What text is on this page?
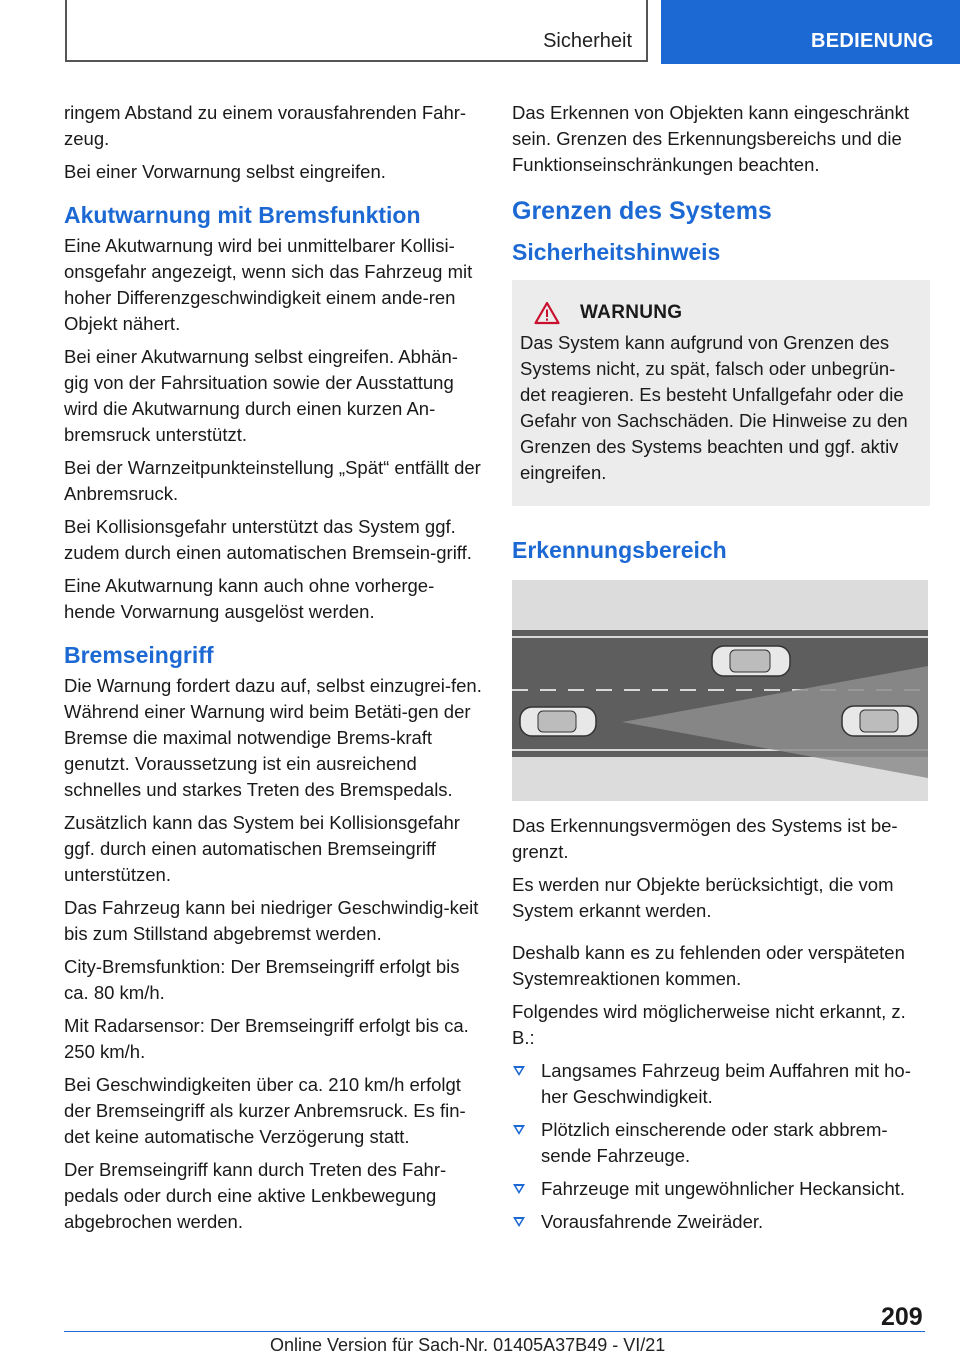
Sicherheit	BEDIENUNG

ringem Abstand zu einem vorausfahrenden Fahr-zeug.

Bei einer Vorwarnung selbst eingreifen.

Akutwarnung mit Bremsfunktion

Eine Akutwarnung wird bei unmittelbarer Kollisi-onsgefahr angezeigt, wenn sich das Fahrzeug mit hoher Differenzgeschwindigkeit einem ande-ren Objekt nähert.

Bei einer Akutwarnung selbst eingreifen. Abhän-gig von der Fahrsituation sowie der Ausstattung wird die Akutwarnung durch einen kurzen An-bremsruck unterstützt.

Bei der Warnzeitpunkteinstellung „Spät“ entfällt der Anbremsruck.

Bei Kollisionsgefahr unterstützt das System ggf. zudem durch einen automatischen Bremsein-griff.

Eine Akutwarnung kann auch ohne vorherge-hende Vorwarnung ausgelöst werden.

Bremseingriff

Die Warnung fordert dazu auf, selbst einzugrei-fen. Während einer Warnung wird beim Betäti-gen der Bremse die maximal notwendige Brems-kraft genutzt. Voraussetzung ist ein ausreichend schnelles und starkes Treten des Bremspedals.

Zusätzlich kann das System bei Kollisionsgefahr ggf. durch einen automatischen Bremseingriff unterstützen.

Das Fahrzeug kann bei niedriger Geschwindig-keit bis zum Stillstand abgebremst werden.

City-Bremsfunktion: Der Bremseingriff erfolgt bis ca. 80 km/h.

Mit Radarsensor: Der Bremseingriff erfolgt bis ca. 250 km/h.

Bei Geschwindigkeiten über ca. 210 km/h erfolgt der Bremseingriff als kurzer Anbremsruck. Es fin-det keine automatische Verzögerung statt.

Der Bremseingriff kann durch Treten des Fahr-pedals oder durch eine aktive Lenkbewegung abgebrochen werden.

Das Erkennen von Objekten kann eingeschränkt sein. Grenzen des Erkennungsbereichs und die Funktionseinschränkungen beachten.

Grenzen des Systems
Sicherheitshinweis
WARNUNG

Das System kann aufgrund von Grenzen des Systems nicht, zu spät, falsch oder unbegrün-det reagieren. Es besteht Unfallgefahr oder die Gefahr von Sachschäden. Die Hinweise zu den Grenzen des Systems beachten und ggf. aktiv eingreifen.

Erkennungsbereich

Das Erkennungsvermögen des Systems ist be-grenzt.

Es werden nur Objekte berücksichtigt, die vom System erkannt werden.

Deshalb kann es zu fehlenden oder verspäteten Systemreaktionen kommen.

Folgendes wird möglicherweise nicht erkannt, z. B.:

Langsames Fahrzeug beim Auffahren mit ho-her Geschwindigkeit.
Plötzlich einscherende oder stark abbrem-sende Fahrzeuge.
Fahrzeuge mit ungewöhnlicher Heckansicht.
Vorausfahrende Zweiräder.
209
Online Version für Sach-Nr. 01405A37B49 - VI/21
